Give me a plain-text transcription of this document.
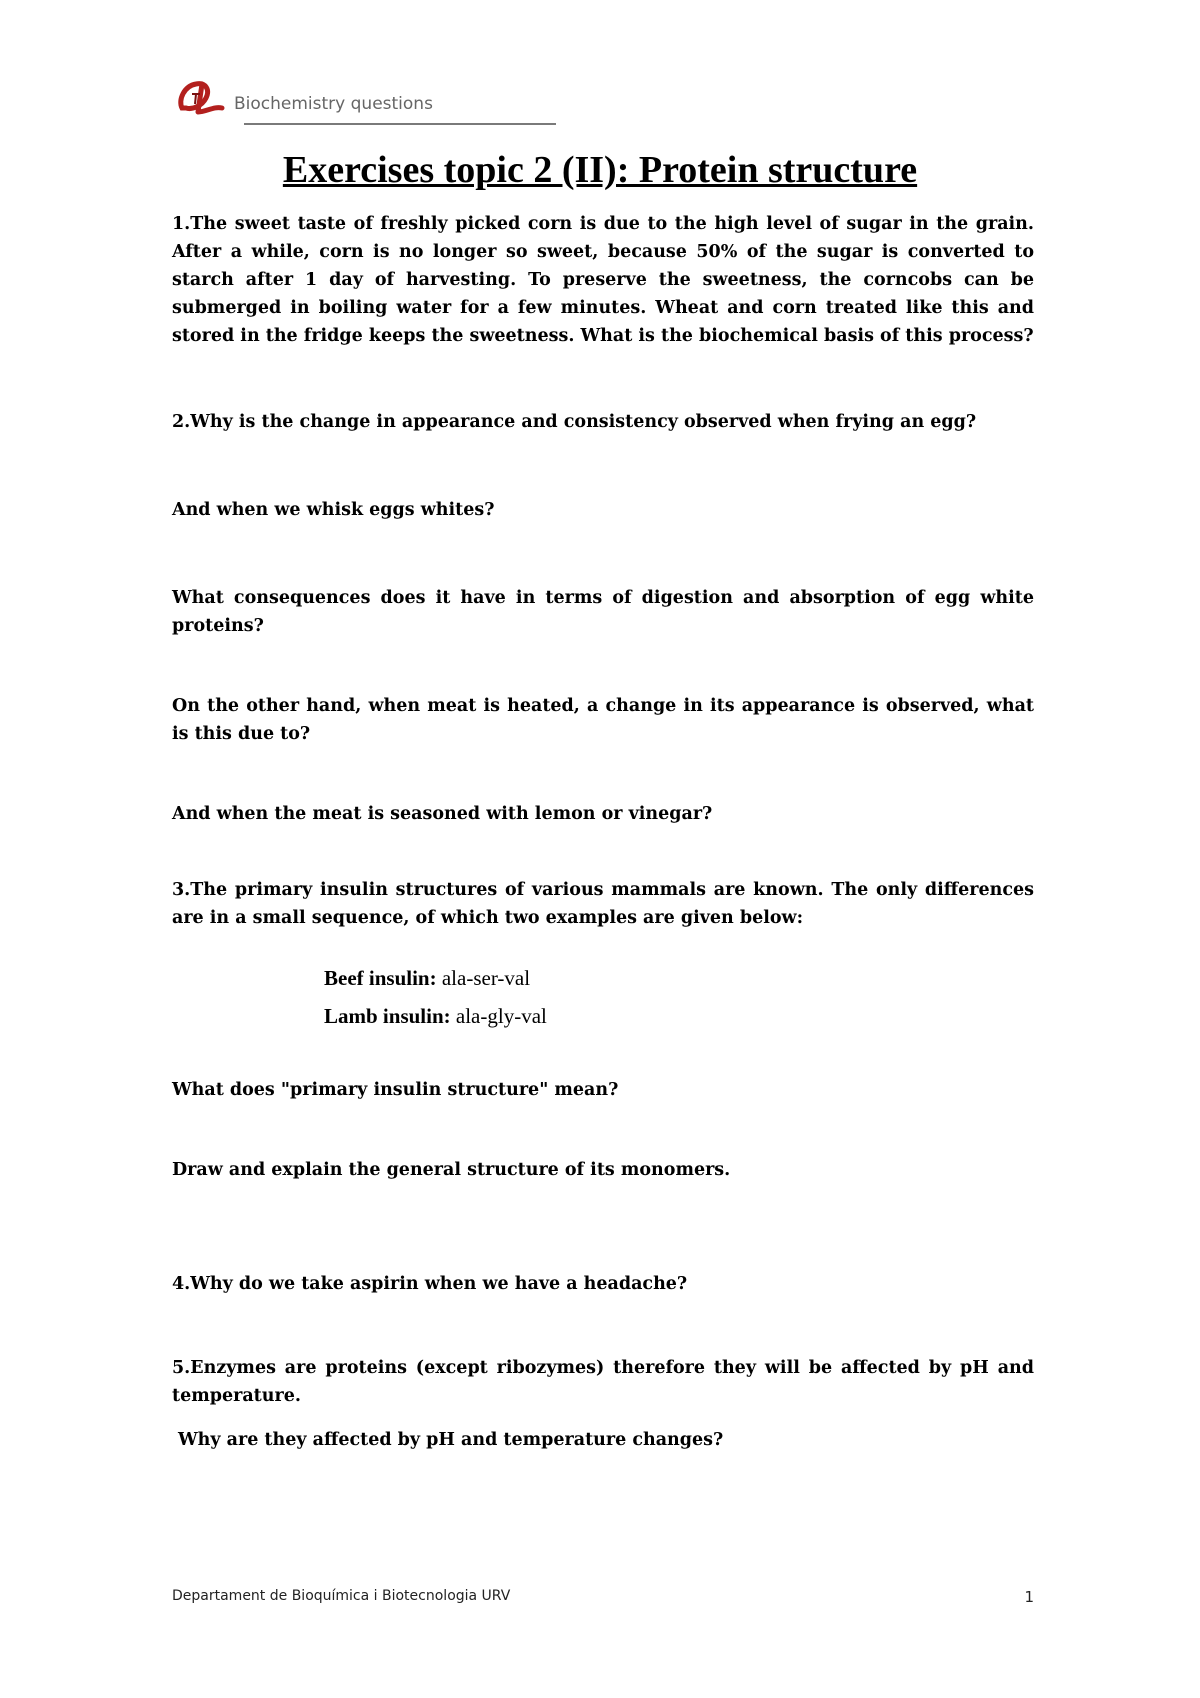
Biochemistry questions
Exercises topic 2 (II): Protein structure

1.The sweet taste of freshly picked corn is due to the high level of sugar in the grain. After a while, corn is no longer so sweet, because 50% of the sugar is converted to starch after 1 day of harvesting. To preserve the sweetness, the corncobs can be submerged in boiling water for a few minutes. Wheat and corn treated like this and stored in the fridge keeps the sweetness. What is the biochemical basis of this process?

2.Why is the change in appearance and consistency observed when frying an egg?

And when we whisk eggs whites?

What consequences does it have in terms of digestion and absorption of egg white proteins?

On the other hand, when meat is heated, a change in its appearance is observed, what is this due to?

And when the meat is seasoned with lemon or vinegar?

3.The primary insulin structures of various mammals are known. The only differences are in a small sequence, of which two examples are given below:

Beef insulin: ala-ser-val
Lamb insulin: ala-gly-val

What does "primary insulin structure" mean?

Draw and explain the general structure of its monomers.

4.Why do we take aspirin when we have a headache?

5.Enzymes are proteins (except ribozymes) therefore they will be affected by pH and temperature.

Why are they affected by pH and temperature changes?

Departament de Bioquímica i Biotecnologia URV	1
